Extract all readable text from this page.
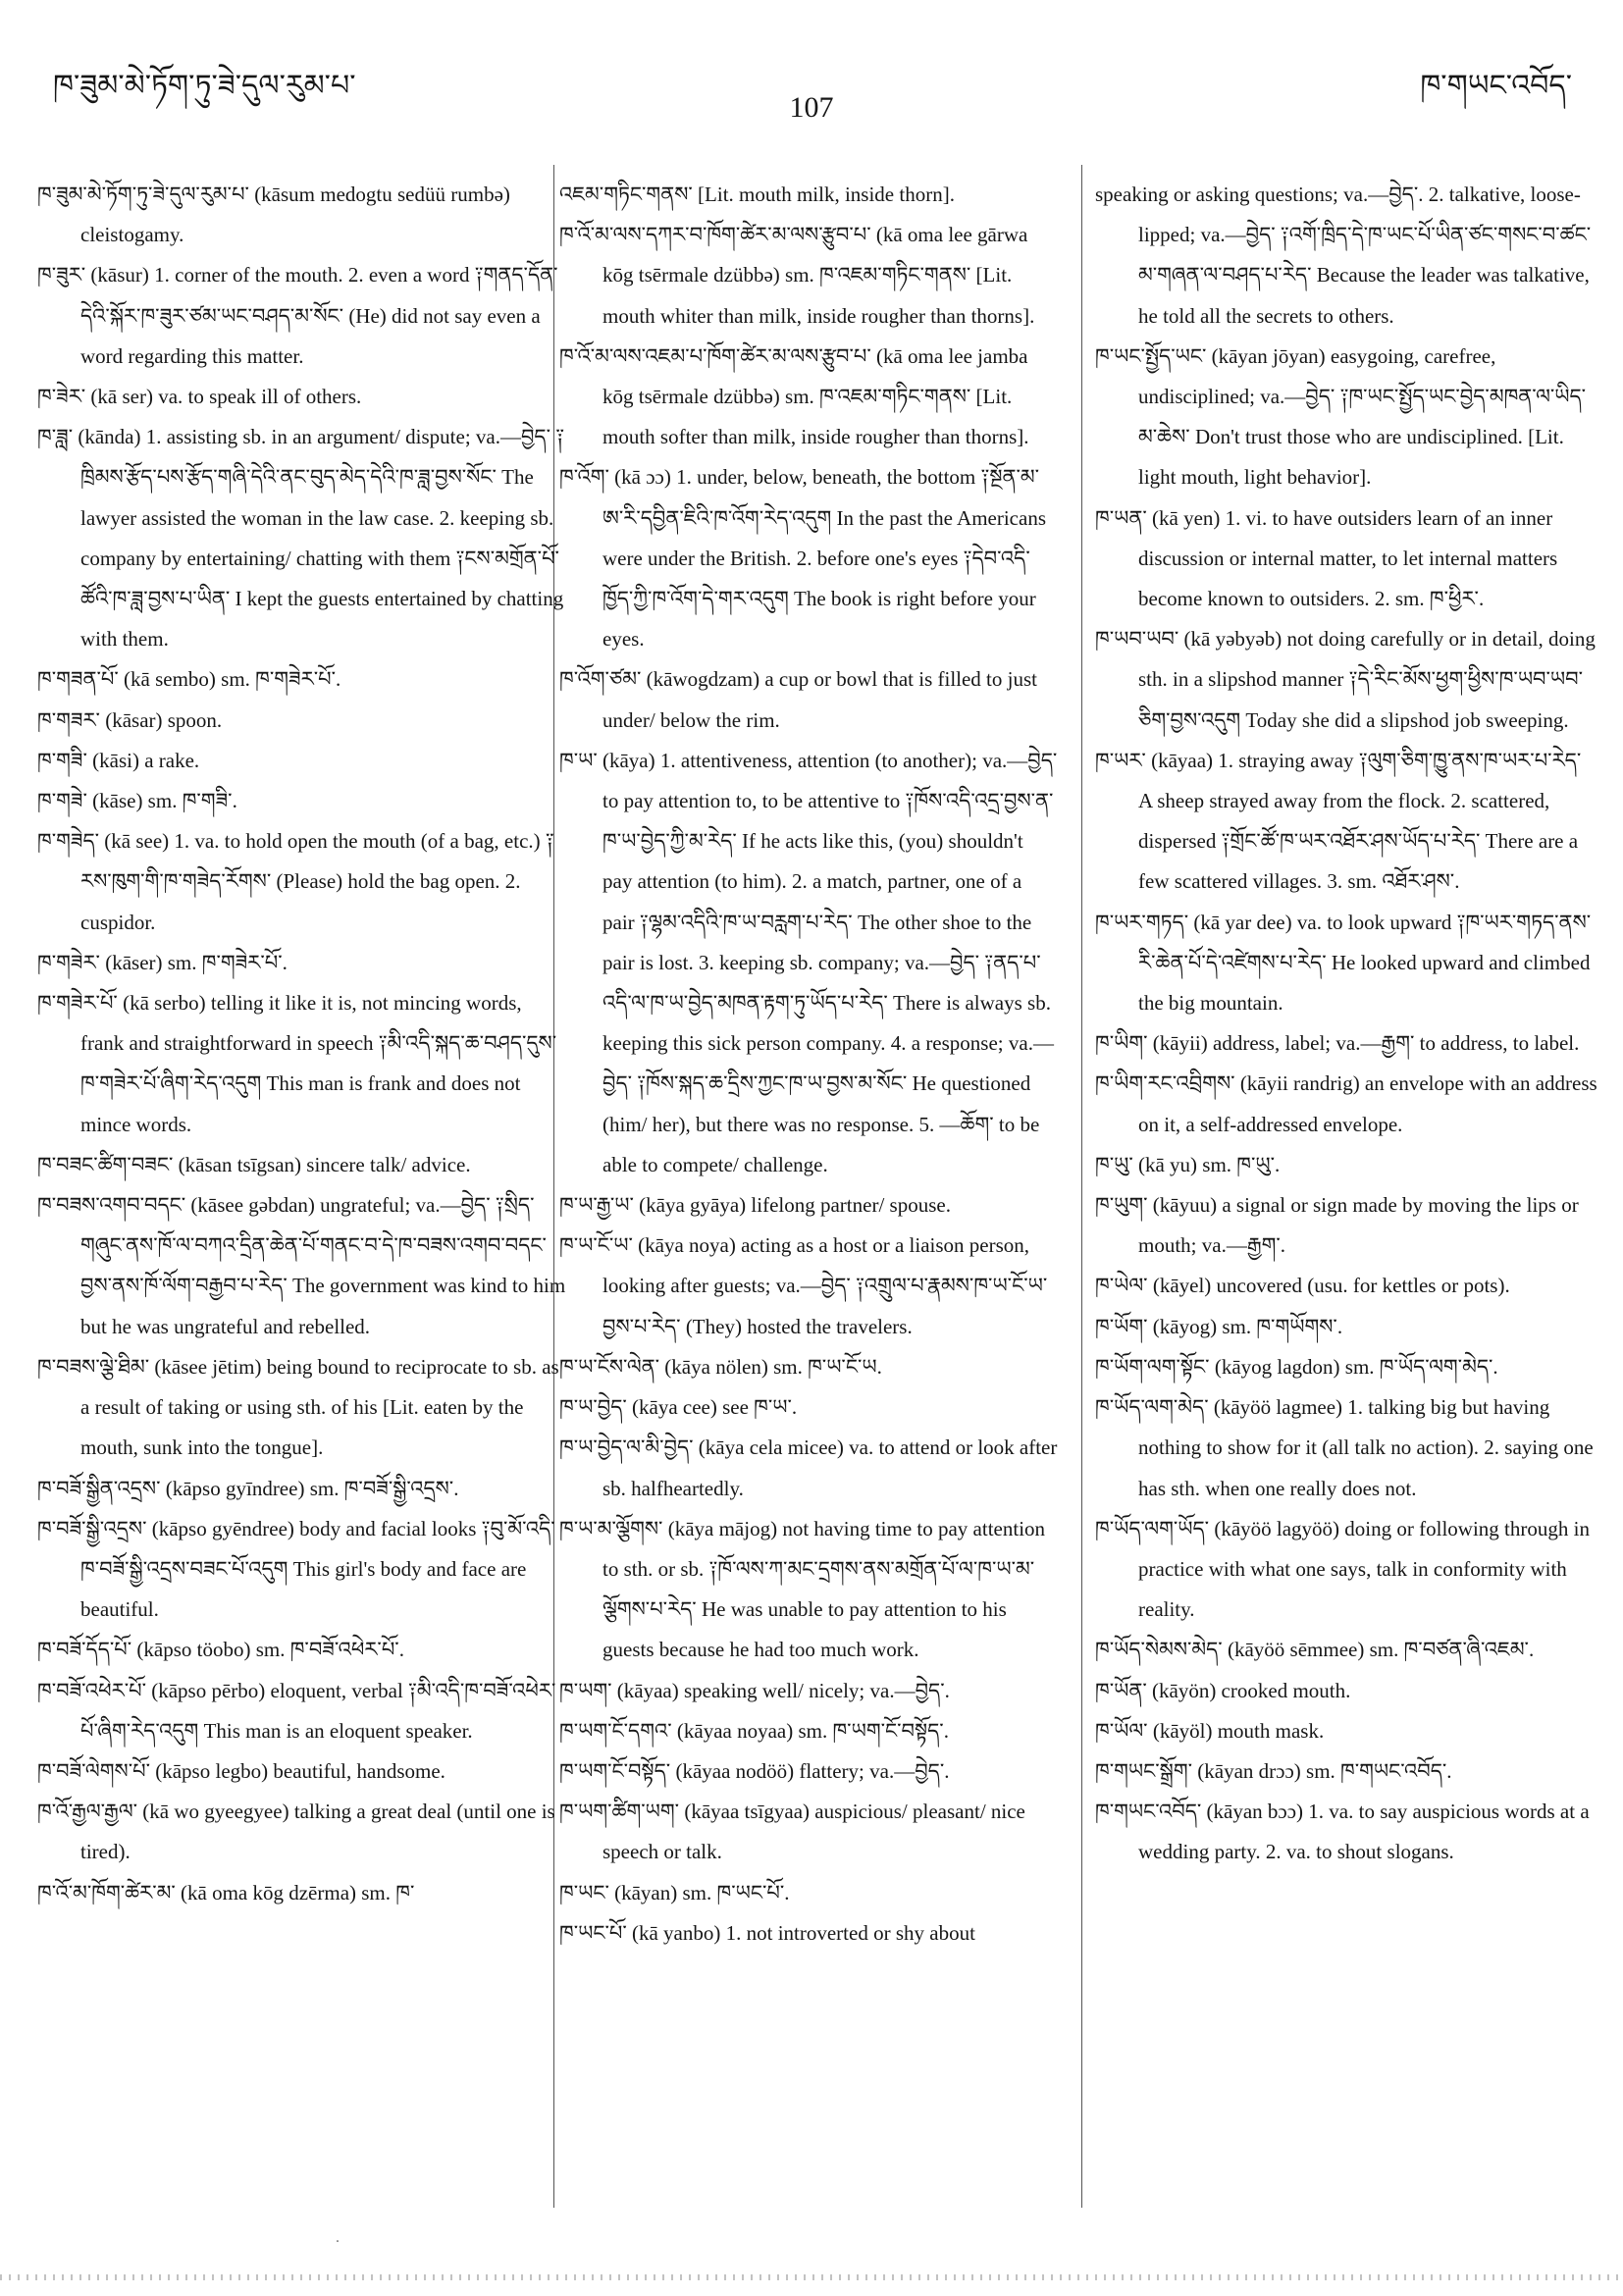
ཁ་ཟུམ་མེ་ཏོག་ཏུ་ཟེ་དུལ་རུམ་པ་
107
ཁ་གཡང་འབོད་

ཁ་ཟུམ་མེ་ཏོག་ཏུ་ཟེ་དུལ་རུམ་པ་ (kāsum medogtu sedüü rumbə) cleistogamy.

ཁ་ཟུར་ (kāsur) 1. corner of the mouth. 2. even a word ༑གནད་དོན་དེའི་སྐོར་ཁ་ཟུར་ཙམ་ཡང་བཤད་མ་སོང་ (He) did not say even a word regarding this matter.

ཁ་ཟེར་ (kā ser) va. to speak ill of others.

ཁ་ཟླ་ (kānda) 1. assisting sb. in an argument/ dispute; va.—བྱེད་ ༑ཁྲིམས་རྩོད་པས་རྩོད་གཞི་དེའི་ནང་བུད་མེད་དེའི་ཁ་ཟླ་བྱས་སོང་ The lawyer assisted the woman in the law case. 2. keeping sb. company by entertaining/ chatting with them ༑ངས་མགྲོན་པོ་ཚོའི་ཁ་ཟླ་བྱས་པ་ཡིན་ I kept the guests entertained by chatting with them.

ཁ་གཟན་པོ་ (kā sembo) sm. ཁ་གཟེར་པོ་.

ཁ་གཟར་ (kāsar) spoon.

ཁ་གཟི་ (kāsi) a rake.

ཁ་གཟེ་ (kāse) sm. ཁ་གཟི་.

ཁ་གཟེད་ (kā see) 1. va. to hold open the mouth (of a bag, etc.) ༑རས་ཁུག་གི་ཁ་གཟེད་རོགས་ (Please) hold the bag open. 2. cuspidor.

ཁ་གཟེར་ (kāser) sm. ཁ་གཟེར་པོ་.

ཁ་གཟེར་པོ་ (kā serbo) telling it like it is, not mincing words, frank and straightforward in speech ༑མི་འདི་སྐད་ཆ་བཤད་དུས་ཁ་གཟེར་པོ་ཞིག་རེད་འདུག This man is frank and does not mince words.

ཁ་བཟང་ཚིག་བཟང་ (kāsan tsīgsan) sincere talk/ advice.

ཁ་བཟས་འགབ་བདང་ (kāsee gəbdan) ungrateful; va.—བྱེད་ ༑སྲིད་གཞུང་ནས་ཁོ་ལ་བཀའ་དྲིན་ཆེན་པོ་གནང་བ་དེ་ཁ་བཟས་འགབ་བདང་བྱས་ནས་ཁོ་ལོག་བརྒྱབ་པ་རེད་ The government was kind to him but he was ungrateful and rebelled.

ཁ་བཟས་ལྕེ་ཐིམ་ (kāsee jētim) being bound to reciprocate to sb. as a result of taking or using sth. of his [Lit. eaten by the mouth, sunk into the tongue].

ཁ་བཟོ་སྒྱིན་འདྲས་ (kāpso gyīndree) sm. ཁ་བཟོ་སྒྱི་འདྲས་.

ཁ་བཟོ་སྒྱི་འདྲས་ (kāpso gyēndree) body and facial looks ༑བུ་མོ་འདི་ཁ་བཟོ་སྒྱི་འདྲས་བཟང་པོ་འདུག This girl's body and face are beautiful.

ཁ་བཟོ་དོད་པོ་ (kāpso töobo) sm. ཁ་བཟོ་འཕེར་པོ་.

ཁ་བཟོ་འཕེར་པོ་ (kāpso pērbo) eloquent, verbal ༑མི་འདི་ཁ་བཟོ་འཕེར་པོ་ཞིག་རེད་འདུག This man is an eloquent speaker.

ཁ་བཟོ་ལེགས་པོ་ (kāpso legbo) beautiful, handsome.

ཁ་འོ་རྒྱལ་རྒྱལ་ (kā wo gyeegyee) talking a great deal (until one is tired).

ཁ་འོ་མ་ཁོག་ཚེར་མ་ (kā oma kōg dzērma) sm. ཁ་

འཇམ་གཏིང་གནས་ [Lit. mouth milk, inside thorn].

ཁ་འོ་མ་ལས་དཀར་བ་ཁོག་ཚེར་མ་ལས་རྩུབ་པ་ (kā oma lee gārwa kōg tsērmale dzübbə) sm. ཁ་འཇམ་གཏིང་གནས་ [Lit. mouth whiter than milk, inside rougher than thorns].

ཁ་འོ་མ་ལས་འཇམ་པ་ཁོག་ཚེར་མ་ལས་རྩུབ་པ་ (kā oma lee jamba kōg tsērmale dzübbə) sm. ཁ་འཇམ་གཏིང་གནས་ [Lit. mouth softer than milk, inside rougher than thorns].

ཁ་འོག་ (kā ɔɔ) 1. under, below, beneath, the bottom ༑སྔོན་མ་ཨ་རི་དབྱིན་ཇིའི་ཁ་འོག་རེད་འདུག In the past the Americans were under the British. 2. before one's eyes ༑དེབ་འདི་ཁྱོད་ཀྱི་ཁ་འོག་དེ་གར་འདུག The book is right before your eyes.

ཁ་འོག་ཙམ་ (kāwogdzam) a cup or bowl that is filled to just under/ below the rim.

ཁ་ཡ་ (kāya) 1. attentiveness, attention (to another); va.—བྱེད་ to pay attention to, to be attentive to ༑ཁོས་འདི་འདྲ་བྱས་ན་ཁ་ཡ་བྱེད་ཀྱི་མ་རེད་ If he acts like this, (you) shouldn't pay attention (to him). 2. a match, partner, one of a pair ༑ལྷམ་འདིའི་ཁ་ཡ་བརླག་པ་རེད་ The other shoe to the pair is lost. 3. keeping sb. company; va.—བྱེད་ ༑ནད་པ་འདི་ལ་ཁ་ཡ་བྱེད་མཁན་རྟག་ཏུ་ཡོད་པ་རེད་ There is always sb. keeping this sick person company. 4. a response; va.—བྱེད་ ༑ཁོས་སྐད་ཆ་དྲིས་ཀྱང་ཁ་ཡ་བྱས་མ་སོང་ He questioned (him/ her), but there was no response. 5. —ཆོག་ to be able to compete/ challenge.

ཁ་ཡ་རྒྱ་ཡ་ (kāya gyāya) lifelong partner/ spouse.

ཁ་ཡ་ངོ་ཡ་ (kāya noya) acting as a host or a liaison person, looking after guests; va.—བྱེད་ ༑འགྲུལ་པ་རྣམས་ཁ་ཡ་ངོ་ཡ་བྱས་པ་རེད་ (They) hosted the travelers.

ཁ་ཡ་ངོས་ལེན་ (kāya nölen) sm. ཁ་ཡ་ངོ་ཡ.

ཁ་ཡ་བྱེད་ (kāya cee) see ཁ་ཡ་.

ཁ་ཡ་བྱེད་ལ་མི་བྱེད་ (kāya cela micee) va. to attend or look after sb. halfheartedly.

ཁ་ཡ་མ་ལྕོགས་ (kāya mājog) not having time to pay attention to sth. or sb. ༑ཁོ་ལས་ཀ་མང་དྲགས་ནས་མགྲོན་པོ་ལ་ཁ་ཡ་མ་ལྕོགས་པ་རེད་ He was unable to pay attention to his guests because he had too much work.

ཁ་ཡག་ (kāyaa) speaking well/ nicely; va.—བྱེད་.

ཁ་ཡག་ངོ་དགའ་ (kāyaa noyaa) sm. ཁ་ཡག་ངོ་བསྟོད་.

ཁ་ཡག་ངོ་བསྟོད་ (kāyaa nodöö) flattery; va.—བྱེད་.

ཁ་ཡག་ཚིག་ཡག་ (kāyaa tsīgyaa) auspicious/ pleasant/ nice speech or talk.

ཁ་ཡང་ (kāyan) sm. ཁ་ཡང་པོ་.

ཁ་ཡང་པོ་ (kā yanbo) 1. not introverted or shy about

speaking or asking questions; va.—བྱེད་. 2. talkative, loose-lipped; va.—བྱེད་ ༑འགོ་ཁྲིད་དེ་ཁ་ཡང་པོ་ཡིན་ཙང་གསང་བ་ཚང་མ་གཞན་ལ་བཤད་པ་རེད་ Because the leader was talkative, he told all the secrets to others.

ཁ་ཡང་སྤྱོད་ཡང་ (kāyan jōyan) easygoing, carefree, undisciplined; va.—བྱེད་ ༑ཁ་ཡང་སྤྱོད་ཡང་བྱེད་མཁན་ལ་ཡིད་མ་ཆེས་ Don't trust those who are undisciplined. [Lit. light mouth, light behavior].

ཁ་ཡན་ (kā yen) 1. vi. to have outsiders learn of an inner discussion or internal matter, to let internal matters become known to outsiders. 2. sm. ཁ་ཕྱིར་.

ཁ་ཡབ་ཡབ་ (kā yəbyəb) not doing carefully or in detail, doing sth. in a slipshod manner ༑དེ་རིང་མོས་ཕྱག་ཕྱིས་ཁ་ཡབ་ཡབ་ཅིག་བྱས་འདུག Today she did a slipshod job sweeping.

ཁ་ཡར་ (kāyaa) 1. straying away ༑ལུག་ཅིག་ཁྱུ་ནས་ཁ་ཡར་པ་རེད་ A sheep strayed away from the flock. 2. scattered, dispersed ༑གྲོང་ཚོ་ཁ་ཡར་འཐོར་ཤས་ཡོད་པ་རེད་ There are a few scattered villages. 3. sm. འཐོར་ཤས་.

ཁ་ཡར་གཏད་ (kā yar dee) va. to look upward ༑ཁ་ཡར་གཏད་ནས་རི་ཆེན་པོ་དེ་འཛེགས་པ་རེད་ He looked upward and climbed the big mountain.

ཁ་ཡིག་ (kāyii) address, label; va.—རྒྱག་ to address, to label.

ཁ་ཡིག་རང་འབྲིགས་ (kāyii randrig) an envelope with an address on it, a self-addressed envelope.

ཁ་ཡུ་ (kā yu) sm. ཁ་ཡུ་.

ཁ་ཡུག་ (kāyuu) a signal or sign made by moving the lips or mouth; va.—རྒྱག་.

ཁ་ཡེལ་ (kāyel) uncovered (usu. for kettles or pots).

ཁ་ཡོག་ (kāyog) sm. ཁ་གཡོགས་.

ཁ་ཡོག་ལག་སྟོང་ (kāyog lagdon) sm. ཁ་ཡོད་ལག་མེད་.

ཁ་ཡོད་ལག་མེད་ (kāyöö lagmee) 1. talking big but having nothing to show for it (all talk no action). 2. saying one has sth. when one really does not.

ཁ་ཡོད་ལག་ཡོད་ (kāyöö lagyöö) doing or following through in practice with what one says, talk in conformity with reality.

ཁ་ཡོད་སེམས་མེད་ (kāyöö sēmmee) sm. ཁ་བཙན་ཞི་འཇམ་.

ཁ་ཡོན་ (kāyön) crooked mouth.

ཁ་ཡོལ་ (kāyöl) mouth mask.

ཁ་གཡང་སྒྲོག་ (kāyan drɔɔ) sm. ཁ་གཡང་འབོད་.

ཁ་གཡང་འབོད་ (kāyan bɔɔ) 1. va. to say auspicious words at a wedding party. 2. va. to shout slogans.

.
